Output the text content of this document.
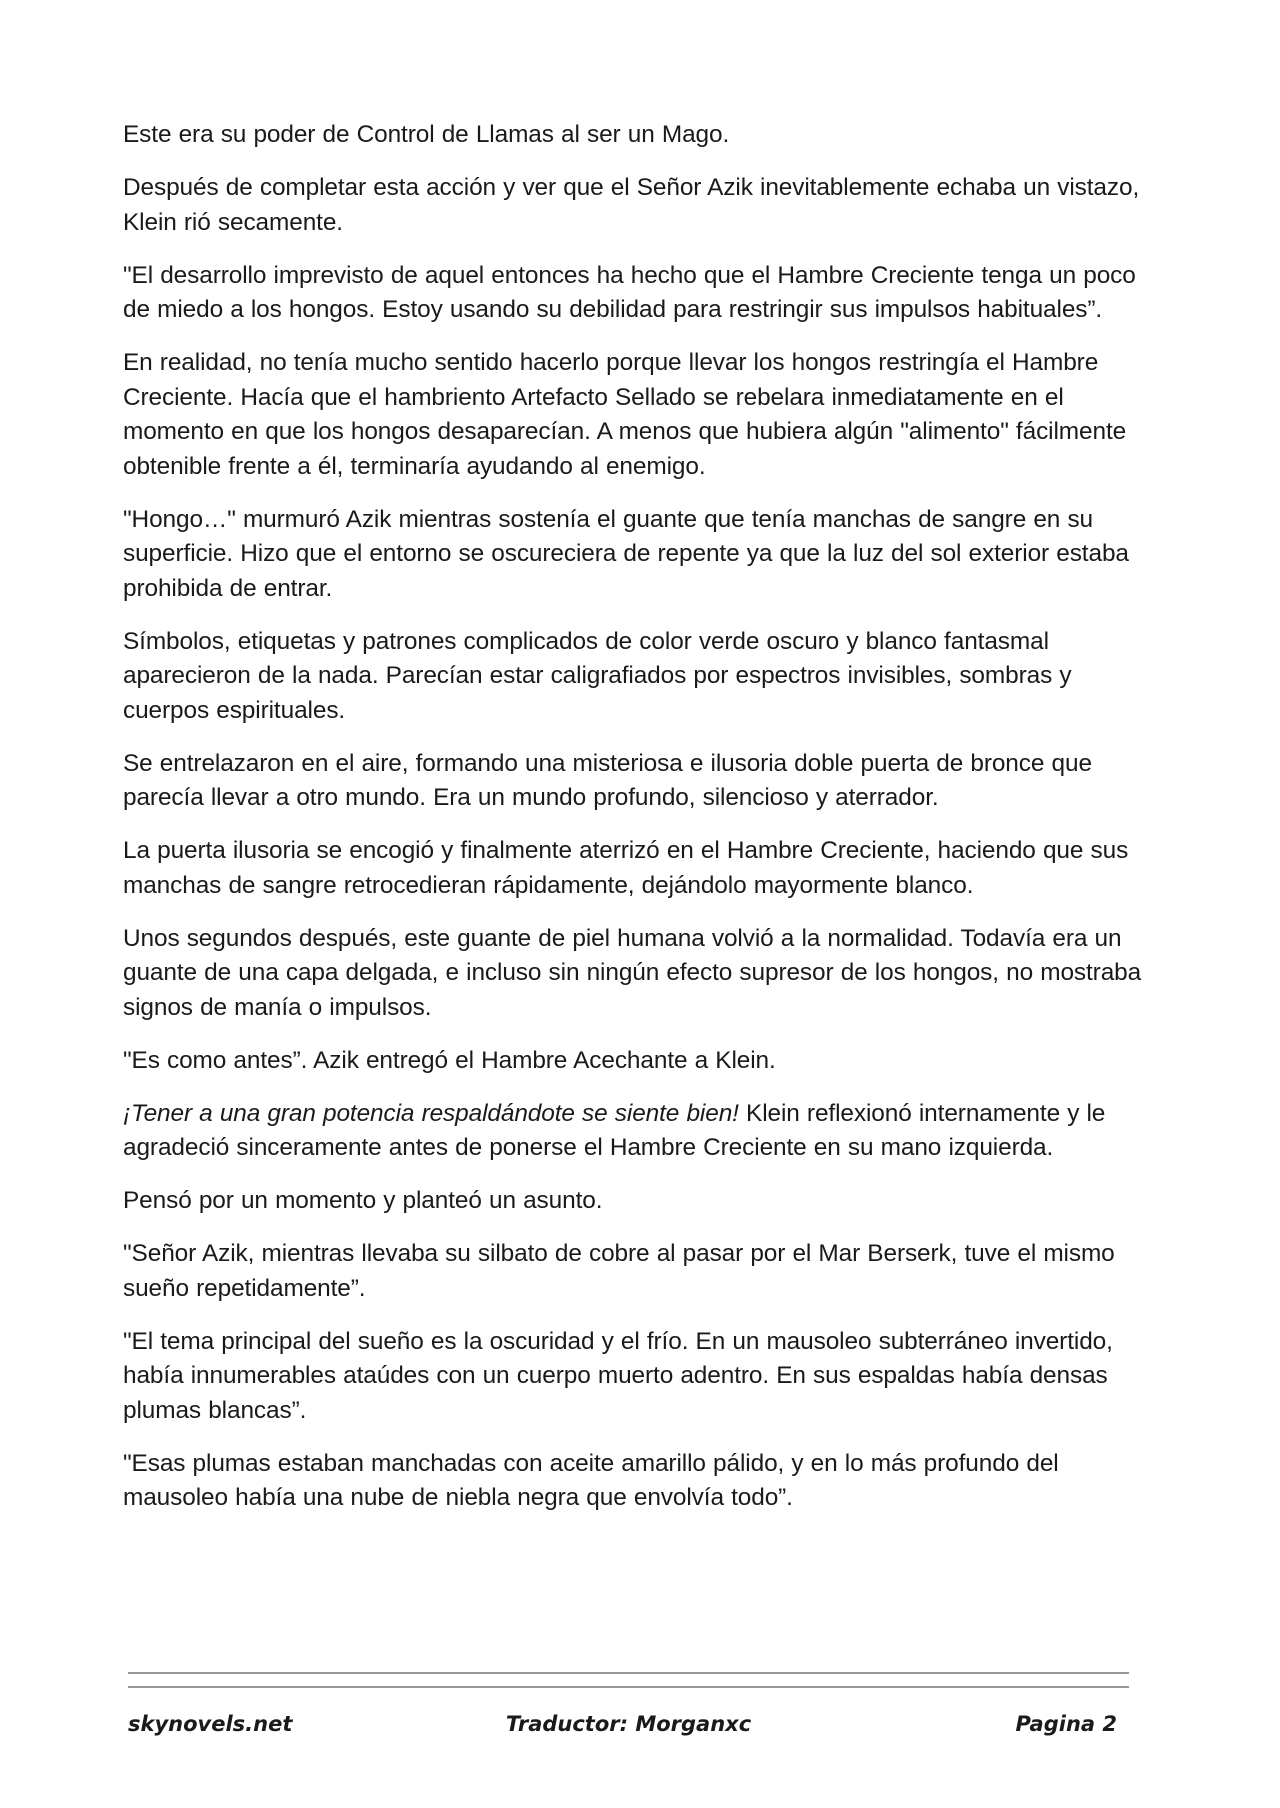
Este era su poder de Control de Llamas al ser un Mago.

Después de completar esta acción y ver que el Señor Azik inevitablemente echaba un vistazo, Klein rió secamente.

"El desarrollo imprevisto de aquel entonces ha hecho que el Hambre Creciente tenga un poco de miedo a los hongos. Estoy usando su debilidad para restringir sus impulsos habituales”.

En realidad, no tenía mucho sentido hacerlo porque llevar los hongos restringía el Hambre Creciente. Hacía que el hambriento Artefacto Sellado se rebelara inmediatamente en el momento en que los hongos desaparecían. A menos que hubiera algún "alimento" fácilmente obtenible frente a él, terminaría ayudando al enemigo.

"Hongo…" murmuró Azik mientras sostenía el guante que tenía manchas de sangre en su superficie. Hizo que el entorno se oscureciera de repente ya que la luz del sol exterior estaba prohibida de entrar.

Símbolos, etiquetas y patrones complicados de color verde oscuro y blanco fantasmal aparecieron de la nada. Parecían estar caligrafiados por espectros invisibles, sombras y cuerpos espirituales.

Se entrelazaron en el aire, formando una misteriosa e ilusoria doble puerta de bronce que parecía llevar a otro mundo. Era un mundo profundo, silencioso y aterrador.

La puerta ilusoria se encogió y finalmente aterrizó en el Hambre Creciente, haciendo que sus manchas de sangre retrocedieran rápidamente, dejándolo mayormente blanco.

Unos segundos después, este guante de piel humana volvió a la normalidad. Todavía era un guante de una capa delgada, e incluso sin ningún efecto supresor de los hongos, no mostraba signos de manía o impulsos.

"Es como antes”. Azik entregó el Hambre Acechante a Klein.

¡Tener a una gran potencia respaldándote se siente bien! Klein reflexionó internamente y le agradeció sinceramente antes de ponerse el Hambre Creciente en su mano izquierda.

Pensó por un momento y planteó un asunto.

"Señor Azik, mientras llevaba su silbato de cobre al pasar por el Mar Berserk, tuve el mismo sueño repetidamente”.

"El tema principal del sueño es la oscuridad y el frío. En un mausoleo subterráneo invertido, había innumerables ataúdes con un cuerpo muerto adentro. En sus espaldas había densas plumas blancas”.

"Esas plumas estaban manchadas con aceite amarillo pálido, y en lo más profundo del mausoleo había una nube de niebla negra que envolvía todo”.

skynovels.net	Traductor: Morganxc	Pagina 2
